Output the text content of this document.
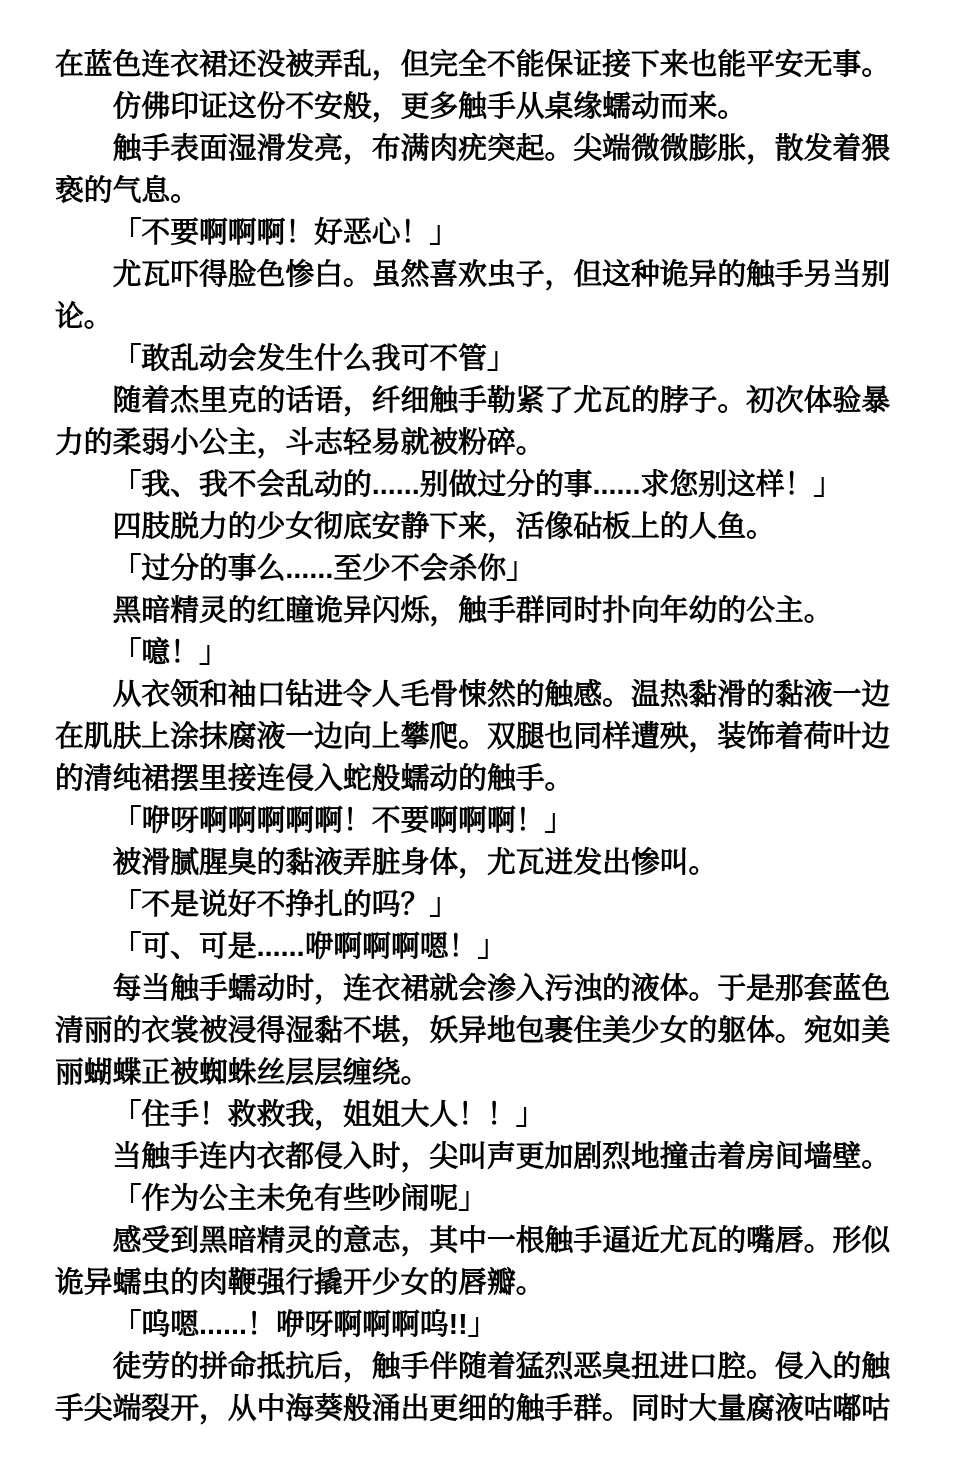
在蓝色连衣裙还没被弄乱，但完全不能保证接下来也能平安无事。
仿佛印证这份不安般，更多触手从桌缘蠕动而来。
触手表面湿滑发亮，布满肉疣突起。尖端微微膨胀，散发着猥
亵的气息。
「不要啊啊啊！好恶心！」
尤瓦吓得脸色惨白。虽然喜欢虫子，但这种诡异的触手另当别
论。
「敢乱动会发生什么我可不管」
随着杰里克的话语，纤细触手勒紧了尤瓦的脖子。初次体验暴
力的柔弱小公主，斗志轻易就被粉碎。
「我、我不会乱动的......别做过分的事......求您别这样！」
四肢脱力的少女彻底安静下来，活像砧板上的人鱼。
「过分的事么......至少不会杀你」
黑暗精灵的红瞳诡异闪烁，触手群同时扑向年幼的公主。
「噫！」
从衣领和袖口钻进令人毛骨悚然的触感。温热黏滑的黏液一边
在肌肤上涂抹腐液一边向上攀爬。双腿也同样遭殃，装饰着荷叶边
的清纯裙摆里接连侵入蛇般蠕动的触手。
「咿呀啊啊啊啊啊！不要啊啊啊！」
被滑腻腥臭的黏液弄脏身体，尤瓦迸发出惨叫。
「不是说好不挣扎的吗？」
「可、可是......咿啊啊啊嗯！」
每当触手蠕动时，连衣裙就会渗入污浊的液体。于是那套蓝色
清丽的衣裳被浸得湿黏不堪，妖异地包裹住美少女的躯体。宛如美
丽蝴蝶正被蜘蛛丝层层缠绕。
「住手！救救我，姐姐大人！！」
当触手连内衣都侵入时，尖叫声更加剧烈地撞击着房间墙壁。
「作为公主未免有些吵闹呢」
感受到黑暗精灵的意志，其中一根触手逼近尤瓦的嘴唇。形似
诡异蠕虫的肉鞭强行撬开少女的唇瓣。
「呜嗯......！咿呀啊啊啊呜!!」
徒劳的拼命抵抗后，触手伴随着猛烈恶臭扭进口腔。侵入的触
手尖端裂开，从中海葵般涌出更细的触手群。同时大量腐液咕嘟咕
